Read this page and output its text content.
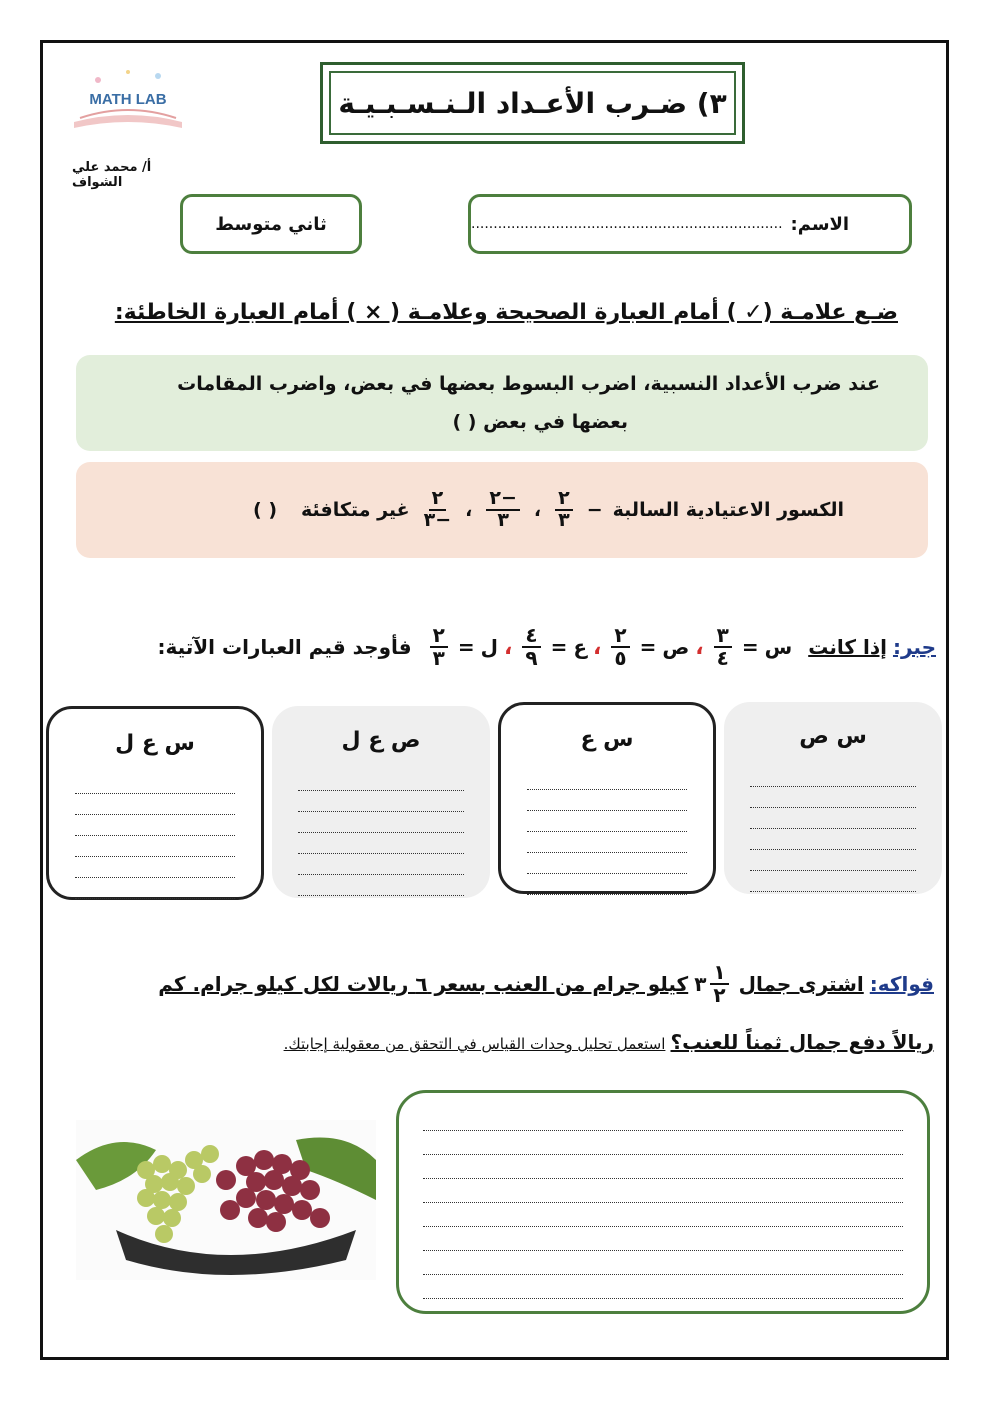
MATH LAB
أ/ محمد علي الشواف
٣) ضـرب الأعـداد الـنـسـبـيـة
ثاني متوسط	الاسم:
......................................................................
ضـع علامـة (✓ ) أمام العبارة الصحيحة وعلامـة ( × ) أمام العبارة الخاطئة:

عند ضرب الأعداد النسبية، اضرب البسوط بعضها في بعض، واضرب المقامات

بعضها في بعض ( )

الكسور الاعتيادية السالبة
−
$\frac{٢}{٣}$
،
$\frac{-٢}{٣}$
،
$\frac{٢}{-٣}$
غير متكافئة
( )
جبر:
إذا كانت
س
=
$\frac{٣}{٤}$
،
ص
=
$\frac{٢}{٥}$
،
ع
=
$\frac{٤}{٩}$
،
ل
=
$\frac{٢}{٣}$
فأوجد قيم العبارات الآتية:
س ص
س ع
ص ع ل
س ع ل
فواكه:
اشترى جمال
٣ $\frac{١}{٢}$
كيلو جرام من العنب بسعر ٦ ريالات لكل كيلو جرام. كم
ريالاً دفع جمال ثمناً للعنب؟ استعمل تحليل وحدات القياس في التحقق من معقولية إجابتك.
